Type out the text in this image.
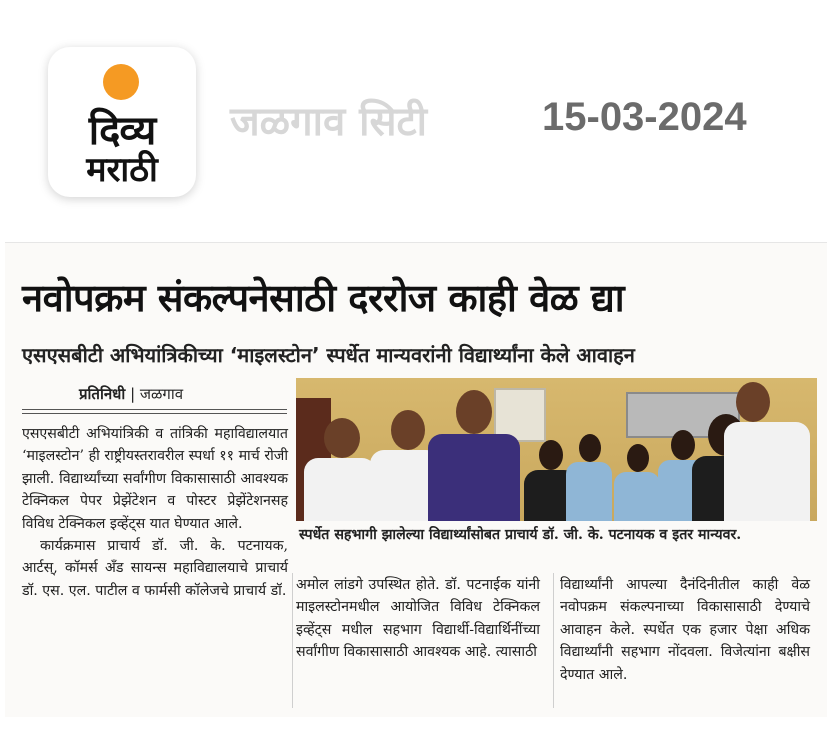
दिव्य
मराठी
जळगाव सिटी	15-03-2024
नवोपक्रम संकल्पनेसाठी दररोज काही वेळ द्या
एसएसबीटी अभियांत्रिकीच्या ‘माइलस्टोन’ स्पर्धेत मान्यवरांनी विद्यार्थ्यांना केले आवाहन
प्रतिनिधी | जळगाव

एसएसबीटी अभियांत्रिकी व तांत्रिकी महाविद्यालयात ‘माइलस्टोन’ ही राष्ट्रीयस्तरावरील स्पर्धा ११ मार्च रोजी झाली. विद्यार्थ्यांच्या सर्वांगीण विकासासाठी आवश्यक टेक्निकल पेपर प्रेझेंटेशन व पोस्टर प्रेझेंटेशनसह विविध टेक्निकल इव्हेंट्स यात घेण्यात आले.

कार्यक्रमास प्राचार्य डॉ. जी. के. पटनायक, आर्टस्, कॉमर्स अँड सायन्स महाविद्यालयाचे प्राचार्य डॉ. एस. एल. पाटील व फार्मसी कॉलेजचे प्राचार्य डॉ.

स्पर्धेत सहभागी झालेल्या विद्यार्थ्यांसोबत प्राचार्य डॉ. जी. के. पटनायक व इतर मान्यवर.
अमोल लांडगे उपस्थित होते. डॉ. पटनाईक यांनी माइलस्टोनमधील आयोजित विविध टेक्निकल इव्हेंट्स मधील सहभाग विद्यार्थी-विद्यार्थिनींच्या सर्वांगीण विकासासाठी आवश्यक आहे. त्यासाठी
विद्यार्थ्यांनी आपल्या दैनंदिनीतील काही वेळ नवोपक्रम संकल्पनाच्या विकासासाठी देण्याचे आवाहन केले. स्पर्धेत एक हजार पेक्षा अधिक विद्यार्थ्यांनी सहभाग नोंदवला. विजेत्यांना बक्षीस देण्यात आले.
